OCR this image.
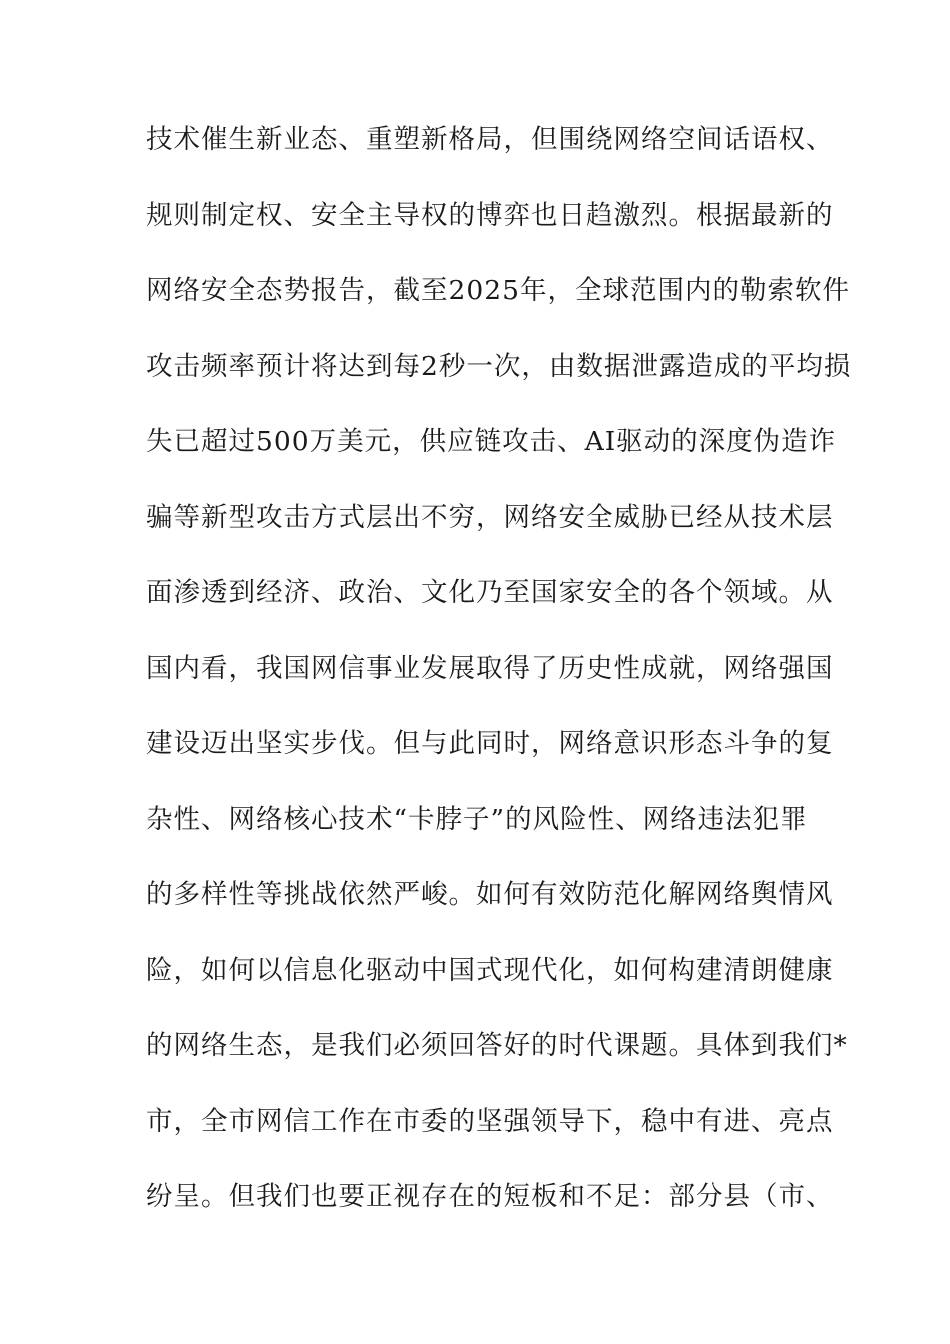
技术催生新业态、重塑新格局，但围绕网络空间话语权、
规则制定权、安全主导权的博弈也日趋激烈。根据最新的
网络安全态势报告，截至2025年，全球范围内的勒索软件
攻击频率预计将达到每2秒一次，由数据泄露造成的平均损
失已超过500万美元，供应链攻击、AI驱动的深度伪造诈
骗等新型攻击方式层出不穷，网络安全威胁已经从技术层
面渗透到经济、政治、文化乃至国家安全的各个领域。从
国内看，我国网信事业发展取得了历史性成就，网络强国
建设迈出坚实步伐。但与此同时，网络意识形态斗争的复
杂性、网络核心技术“卡脖子”的风险性、网络违法犯罪
的多样性等挑战依然严峻。如何有效防范化解网络舆情风
险，如何以信息化驱动中国式现代化，如何构建清朗健康
的网络生态，是我们必须回答好的时代课题。具体到我们*
市，全市网信工作在市委的坚强领导下，稳中有进、亮点
纷呈。但我们也要正视存在的短板和不足：部分县（市、
